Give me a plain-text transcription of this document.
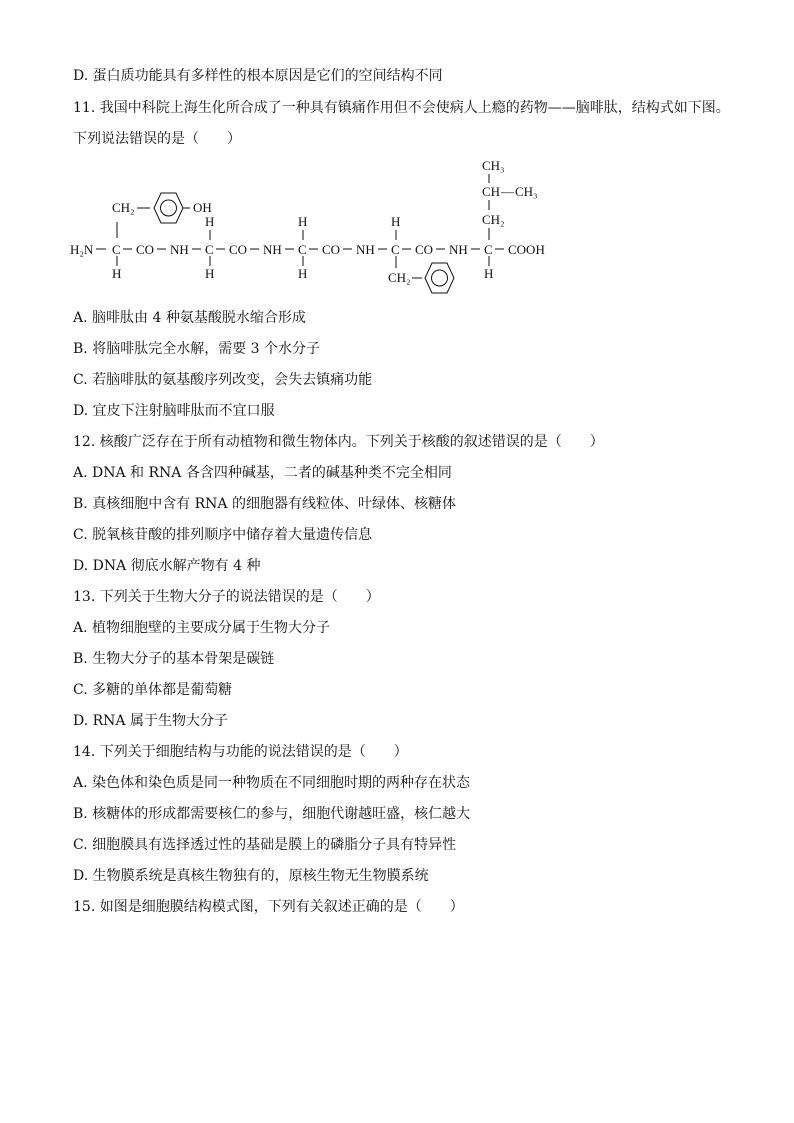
D. 蛋白质功能具有多样性的根本原因是它们的空间结构不同
11. 我国中科院上海生化所合成了一种具有镇痛作用但不会使病人上瘾的药物——脑啡肽，结构式如下图。
下列说法错误的是（　　）
H₂N C CO NH C CO NH C CO NH C CO NH C COOH
CH₂	OH
H
H
H
H
H
H
CH₂
CH₃
CH — CH₃
CH₂
H
A. 脑啡肽由 4 种氨基酸脱水缩合形成
B. 将脑啡肽完全水解，需要 3 个水分子
C. 若脑啡肽的氨基酸序列改变，会失去镇痛功能
D. 宜皮下注射脑啡肽而不宜口服
12. 核酸广泛存在于所有动植物和微生物体内。下列关于核酸的叙述错误的是（　　）
A. DNA 和 RNA 各含四种碱基，二者的碱基种类不完全相同
B. 真核细胞中含有 RNA 的细胞器有线粒体、叶绿体、核糖体
C. 脱氧核苷酸的排列顺序中储存着大量遗传信息
D. DNA 彻底水解产物有 4 种
13. 下列关于生物大分子的说法错误的是（　　）
A. 植物细胞壁的主要成分属于生物大分子
B. 生物大分子的基本骨架是碳链
C. 多糖的单体都是葡萄糖
D. RNA 属于生物大分子
14. 下列关于细胞结构与功能的说法错误的是（　　）
A. 染色体和染色质是同一种物质在不同细胞时期的两种存在状态
B. 核糖体的形成都需要核仁的参与，细胞代谢越旺盛，核仁越大
C. 细胞膜具有选择透过性的基础是膜上的磷脂分子具有特异性
D. 生物膜系统是真核生物独有的，原核生物无生物膜系统
15. 如图是细胞膜结构模式图，下列有关叙述正确的是（　　）
